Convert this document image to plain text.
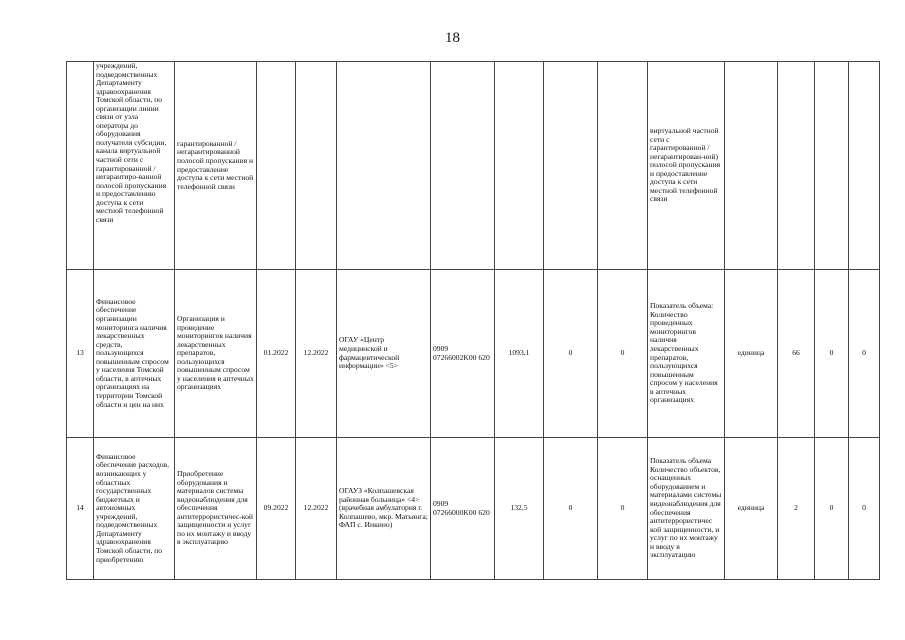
18

	учреждений, подведомственных Департаменту здравоохранения Томской области, по организации линии связи от узла оператора до оборудования получателя субсидии, канала виртуальной частной сети с гарантированной /негарантиро-ванной полосой пропускания и предоставлению доступа к сети местной телефонной связи	гарантированной /негарантированной полосой пропускания и предоставление доступа к сети местной телефонной связи								виртуальной частной сети с гарантированной /негарантирован-ной) полосой пропускания и предоставление доступа к сети местной телефонной связи				
13	Финансовое обеспечение организации мониторинга наличия лекарственных средств, пользующихся повышенным спросом у населения Томской области, в аптечных организациях на территории Томской области и цен на них	Организация и проведение мониторингов наличия лекарственных препаратов, пользующихся повышенным спросом у населения в аптечных организациях	01.2022	12.2022	ОГАУ «Центр медицинской и фармацевтической информации» <5>	0909 07266002K00 620	1093,1	0	0	Показатель объема: Количество проведенных мониторингов наличия лекарственных препаратов, пользующихся повышенным спросом у населения в аптечных организациях	единица	66	0	0
14	Финансовое обеспечение расходов, возникающих у областных государственных бюджетных и автономных учреждений, подведомственных Департаменту здравоохранения Томской области, по приобретению	Приобретение оборудования и материалов системы видеонаблюдения для обеспечения антитеррористичес-кой защищенности и услуг по их монтажу и вводу в эксплуатацию	09.2022	12.2022	ОГАУЗ «Колпашевская районная больница» <4> (врачебная амбулатория г. Колпашево, мкр. Матьянга; ФАП с. Инкино)	0909 07266000K00 620	132,5	0	0	Показатель объема Количество объектов, оснащенных оборудованием и материалами системы видеонаблюдения для обеспечения антитеррористичес кой защищенности, и услуг по их монтажу и вводу в эксплуатацию	единица	2	0	0
